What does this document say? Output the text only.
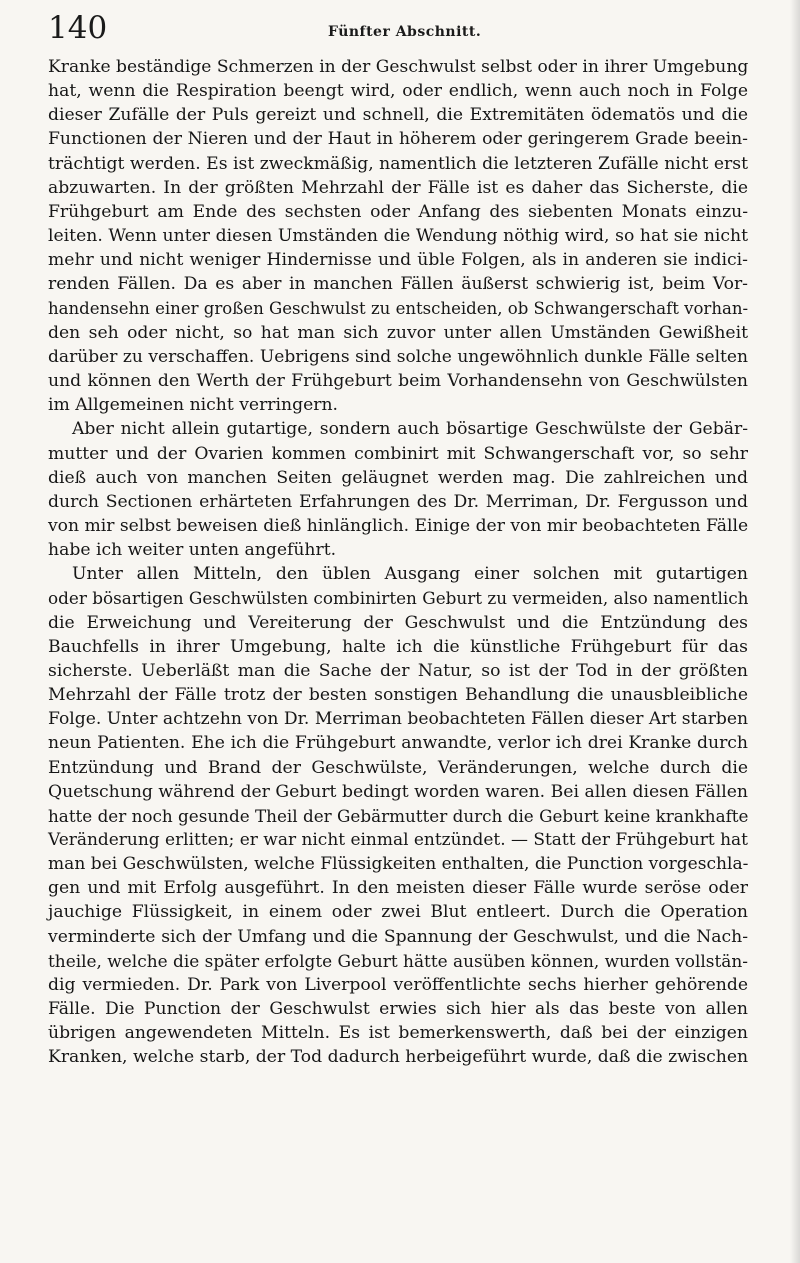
140	Fünfter Abschnitt.
Kranke beständige Schmerzen in der Geschwulst selbst oder in ihrer Umgebung
hat, wenn die Respiration beengt wird, oder endlich, wenn auch noch in Folge
dieser Zufälle der Puls gereizt und schnell, die Extremitäten ödematös und die
Functionen der Nieren und der Haut in höherem oder geringerem Grade beein-
trächtigt werden. Es ist zweckmäßig, namentlich die letzteren Zufälle nicht erst
abzuwarten. In der größten Mehrzahl der Fälle ist es daher das Sicherste, die
Frühgeburt am Ende des sechsten oder Anfang des siebenten Monats einzu-
leiten. Wenn unter diesen Umständen die Wendung nöthig wird, so hat sie nicht
mehr und nicht weniger Hindernisse und üble Folgen, als in anderen sie indici-
renden Fällen. Da es aber in manchen Fällen äußerst schwierig ist, beim Vor-
handensehn einer großen Geschwulst zu entscheiden, ob Schwangerschaft vorhan-
den seh oder nicht, so hat man sich zuvor unter allen Umständen Gewißheit
darüber zu verschaffen. Uebrigens sind solche ungewöhnlich dunkle Fälle selten
und können den Werth der Frühgeburt beim Vorhandensehn von Geschwülsten
im Allgemeinen nicht verringern.
Aber nicht allein gutartige, sondern auch bösartige Geschwülste der Gebär-
mutter und der Ovarien kommen combinirt mit Schwangerschaft vor, so sehr
dieß auch von manchen Seiten geläugnet werden mag. Die zahlreichen und
durch Sectionen erhärteten Erfahrungen des Dr. Merriman, Dr. Fergusson und
von mir selbst beweisen dieß hinlänglich. Einige der von mir beobachteten Fälle
habe ich weiter unten angeführt.
Unter allen Mitteln, den üblen Ausgang einer solchen mit gutartigen
oder bösartigen Geschwülsten combinirten Geburt zu vermeiden, also namentlich
die Erweichung und Vereiterung der Geschwulst und die Entzündung des
Bauchfells in ihrer Umgebung, halte ich die künstliche Frühgeburt für das
sicherste. Ueberläßt man die Sache der Natur, so ist der Tod in der größten
Mehrzahl der Fälle trotz der besten sonstigen Behandlung die unausbleibliche
Folge. Unter achtzehn von Dr. Merriman beobachteten Fällen dieser Art starben
neun Patienten. Ehe ich die Frühgeburt anwandte, verlor ich drei Kranke durch
Entzündung und Brand der Geschwülste, Veränderungen, welche durch die
Quetschung während der Geburt bedingt worden waren. Bei allen diesen Fällen
hatte der noch gesunde Theil der Gebärmutter durch die Geburt keine krankhafte
Veränderung erlitten; er war nicht einmal entzündet. — Statt der Frühgeburt hat
man bei Geschwülsten, welche Flüssigkeiten enthalten, die Punction vorgeschla-
gen und mit Erfolg ausgeführt. In den meisten dieser Fälle wurde seröse oder
jauchige Flüssigkeit, in einem oder zwei Blut entleert. Durch die Operation
verminderte sich der Umfang und die Spannung der Geschwulst, und die Nach-
theile, welche die später erfolgte Geburt hätte ausüben können, wurden vollstän-
dig vermieden. Dr. Park von Liverpool veröffentlichte sechs hierher gehörende
Fälle. Die Punction der Geschwulst erwies sich hier als das beste von allen
übrigen angewendeten Mitteln. Es ist bemerkenswerth, daß bei der einzigen
Kranken, welche starb, der Tod dadurch herbeigeführt wurde, daß die zwischen
